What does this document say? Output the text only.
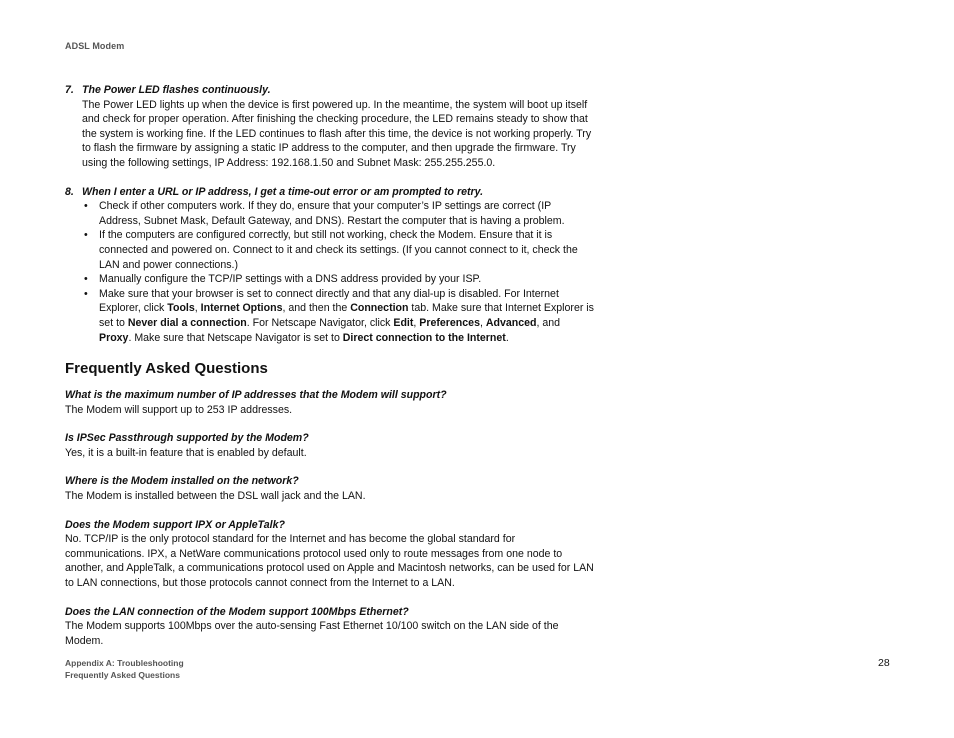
ADSL Modem
7. The Power LED flashes continuously.
The Power LED lights up when the device is first powered up. In the meantime, the system will boot up itself and check for proper operation. After finishing the checking procedure, the LED remains steady to show that the system is working fine. If the LED continues to flash after this time, the device is not working properly. Try to flash the firmware by assigning a static IP address to the computer, and then upgrade the firmware. Try using the following settings, IP Address: 192.168.1.50 and Subnet Mask: 255.255.255.0.
8. When I enter a URL or IP address, I get a time-out error or am prompted to retry.
• Check if other computers work. If they do, ensure that your computer’s IP settings are correct (IP Address, Subnet Mask, Default Gateway, and DNS). Restart the computer that is having a problem.
• If the computers are configured correctly, but still not working, check the Modem. Ensure that it is connected and powered on. Connect to it and check its settings. (If you cannot connect to it, check the LAN and power connections.)
• Manually configure the TCP/IP settings with a DNS address provided by your ISP.
• Make sure that your browser is set to connect directly and that any dial-up is disabled. For Internet Explorer, click Tools, Internet Options, and then the Connection tab. Make sure that Internet Explorer is set to Never dial a connection. For Netscape Navigator, click Edit, Preferences, Advanced, and Proxy. Make sure that Netscape Navigator is set to Direct connection to the Internet.
Frequently Asked Questions
What is the maximum number of IP addresses that the Modem will support?
The Modem will support up to 253 IP addresses.
Is IPSec Passthrough supported by the Modem?
Yes, it is a built-in feature that is enabled by default.
Where is the Modem installed on the network?
The Modem is installed between the DSL wall jack and the LAN.
Does the Modem support IPX or AppleTalk?
No. TCP/IP is the only protocol standard for the Internet and has become the global standard for communications. IPX, a NetWare communications protocol used only to route messages from one node to another, and AppleTalk, a communications protocol used on Apple and Macintosh networks, can be used for LAN to LAN connections, but those protocols cannot connect from the Internet to a LAN.
Does the LAN connection of the Modem support 100Mbps Ethernet?
The Modem supports 100Mbps over the auto-sensing Fast Ethernet 10/100 switch on the LAN side of the Modem.
Appendix A: Troubleshooting
Frequently Asked Questions
28
